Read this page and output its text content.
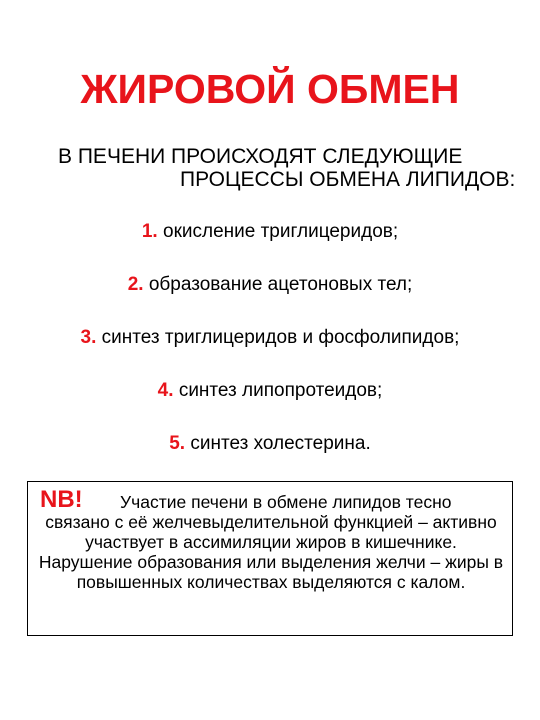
ЖИРОВОЙ ОБМЕН
В ПЕЧЕНИ ПРОИСХОДЯТ СЛЕДУЮЩИЕ
ПРОЦЕССЫ ОБМЕНА ЛИПИДОВ:
1. окисление триглицеридов;
2. образование ацетоновых тел;
3. синтез триглицеридов и фосфолипидов;
4. синтез липопротеидов;
5. синтез холестерина.
NB!	Участие печени в обмене липидов тесно
связано с её желчевыделительной функцией – активно участвует в ассимиляции жиров в кишечнике. Нарушение образования или выделения желчи – жиры в повышенных количествах выделяются с калом.
